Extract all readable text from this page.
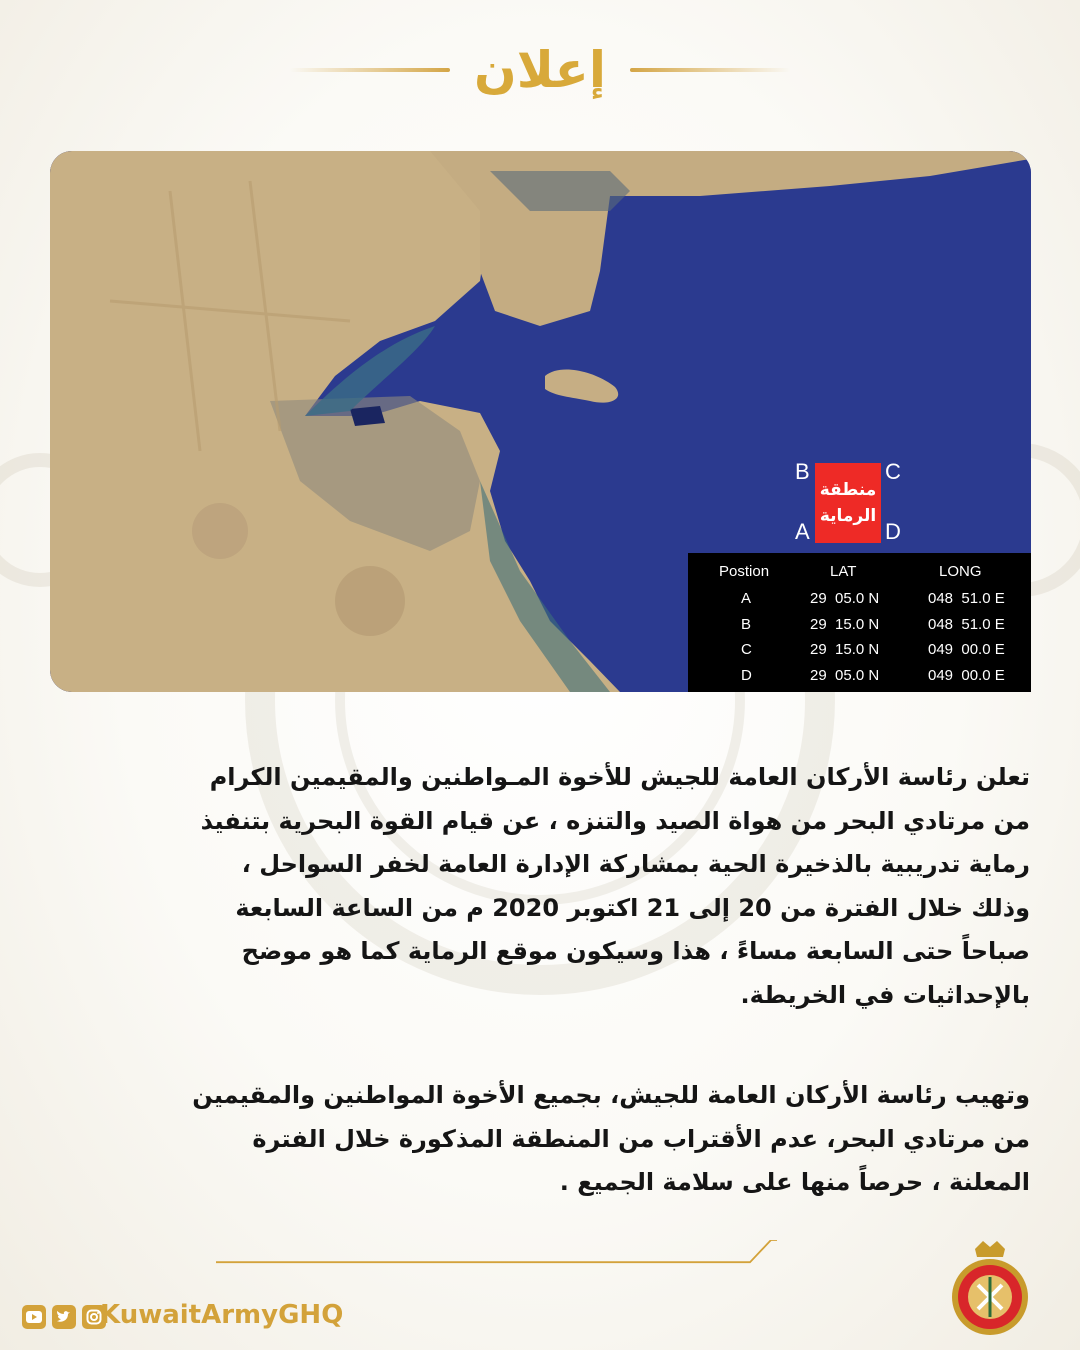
إعلان
B	C
A	D
منطقة
الرماية
Postion	LAT	LONG
A	29  05.0 N	048  51.0 E
B	29  15.0 N	048  51.0 E
C	29  15.0 N	049  00.0 E
D	29  05.0 N	049  00.0 E
تعلن رئاسة الأركان العامة للجيش للأخوة المـواطنين والمقيمين الكرام
من مرتادي البحر من هواة الصيد والتنزه ، عن قيام القوة البحرية بتنفيذ
رماية تدريبية بالذخيرة الحية بمشاركة الإدارة العامة لخفر السواحل ،
وذلك خلال الفترة من 20 إلى 21 اكتوبر 2020 م من الساعة السابعة
صباحاً حتى السابعة مساءً ، هذا وسيكون موقع الرماية كما هو موضح
بالإحداثيات في الخريطة.
وتهيب رئاسة الأركان العامة للجيش، بجميع الأخوة المواطنين والمقيمين
من مرتادي البحر، عدم الأقتراب من المنطقة المذكورة خلال الفترة
المعلنة ، حرصاً منها على سلامة الجميع .
KuwaitArmyGHQ
